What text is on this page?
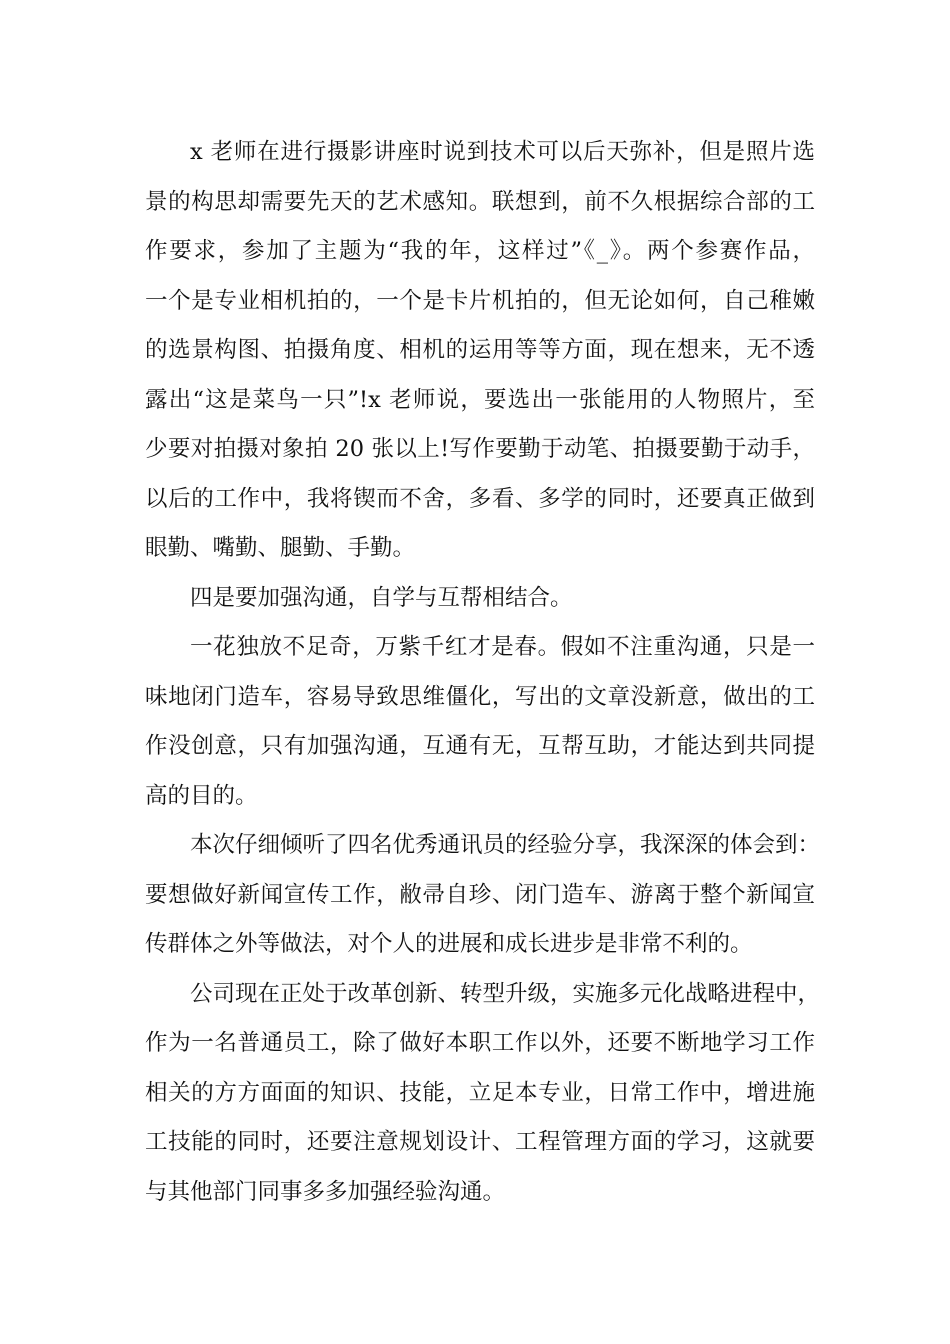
x 老师在进行摄影讲座时说到技术可以后天弥补，但是照片选
景的构思却需要先天的艺术感知。联想到，前不久根据综合部的工
作要求，参加了主题为“我的年，这样过”《_》。两个参赛作品，
一个是专业相机拍的，一个是卡片机拍的，但无论如何，自己稚嫩
的选景构图、拍摄角度、相机的运用等等方面，现在想来，无不透
露出“这是菜鸟一只”!x 老师说，要选出一张能用的人物照片，至
少要对拍摄对象拍 20 张以上!写作要勤于动笔、拍摄要勤于动手，
以后的工作中，我将锲而不舍，多看、多学的同时，还要真正做到
眼勤、嘴勤、腿勤、手勤。
四是要加强沟通，自学与互帮相结合。
一花独放不足奇，万紫千红才是春。假如不注重沟通，只是一
味地闭门造车，容易导致思维僵化，写出的文章没新意，做出的工
作没创意，只有加强沟通，互通有无，互帮互助，才能达到共同提
高的目的。
本次仔细倾听了四名优秀通讯员的经验分享，我深深的体会到：
要想做好新闻宣传工作，敝帚自珍、闭门造车、游离于整个新闻宣
传群体之外等做法，对个人的进展和成长进步是非常不利的。
公司现在正处于改革创新、转型升级，实施多元化战略进程中，
作为一名普通员工，除了做好本职工作以外，还要不断地学习工作
相关的方方面面的知识、技能，立足本专业，日常工作中，增进施
工技能的同时，还要注意规划设计、工程管理方面的学习，这就要
与其他部门同事多多加强经验沟通。
